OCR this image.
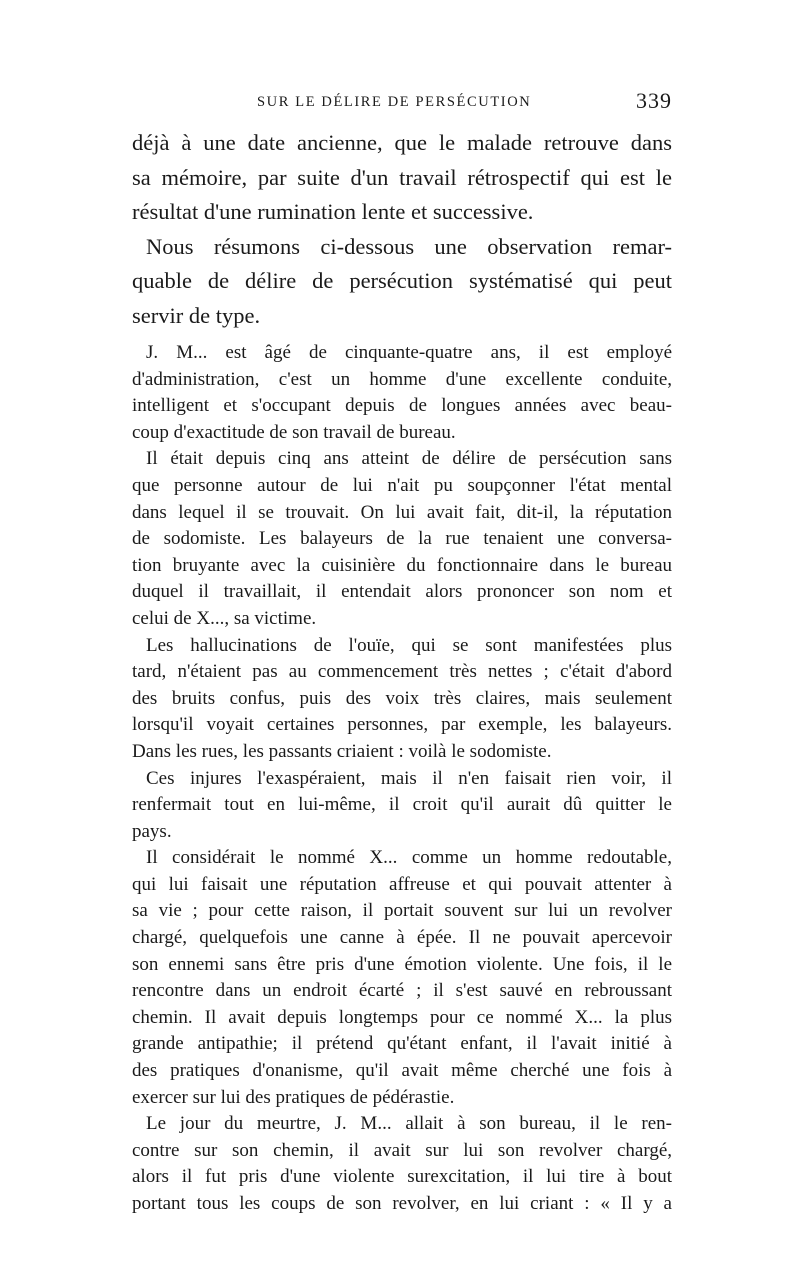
SUR LE DÉLIRE DE PERSÉCUTION	339
déjà à une date ancienne, que le malade retrouve dans
sa mémoire, par suite d'un travail rétrospectif qui est le
résultat d'une rumination lente et successive.
Nous résumons ci-dessous une observation remar-
quable de délire de persécution systématisé qui peut
servir de type.
J. M... est âgé de cinquante-quatre ans, il est employé
d'administration, c'est un homme d'une excellente conduite,
intelligent et s'occupant depuis de longues années avec beau-
coup d'exactitude de son travail de bureau.
Il était depuis cinq ans atteint de délire de persécution sans
que personne autour de lui n'ait pu soupçonner l'état mental
dans lequel il se trouvait. On lui avait fait, dit-il, la réputation
de sodomiste. Les balayeurs de la rue tenaient une conversa-
tion bruyante avec la cuisinière du fonctionnaire dans le bureau
duquel il travaillait, il entendait alors prononcer son nom et
celui de X..., sa victime.
Les hallucinations de l'ouïe, qui se sont manifestées plus
tard, n'étaient pas au commencement très nettes ; c'était d'abord
des bruits confus, puis des voix très claires, mais seulement
lorsqu'il voyait certaines personnes, par exemple, les balayeurs.
Dans les rues, les passants criaient : voilà le sodomiste.
Ces injures l'exaspéraient, mais il n'en faisait rien voir, il
renfermait tout en lui-même, il croit qu'il aurait dû quitter le
pays.
Il considérait le nommé X... comme un homme redoutable,
qui lui faisait une réputation affreuse et qui pouvait attenter à
sa vie ; pour cette raison, il portait souvent sur lui un revolver
chargé, quelquefois une canne à épée. Il ne pouvait apercevoir
son ennemi sans être pris d'une émotion violente. Une fois, il le
rencontre dans un endroit écarté ; il s'est sauvé en rebroussant
chemin. Il avait depuis longtemps pour ce nommé X... la plus
grande antipathie; il prétend qu'étant enfant, il l'avait initié à
des pratiques d'onanisme, qu'il avait même cherché une fois à
exercer sur lui des pratiques de pédérastie.
Le jour du meurtre, J. M... allait à son bureau, il le ren-
contre sur son chemin, il avait sur lui son revolver chargé,
alors il fut pris d'une violente surexcitation, il lui tire à bout
portant tous les coups de son revolver, en lui criant : « Il y a
